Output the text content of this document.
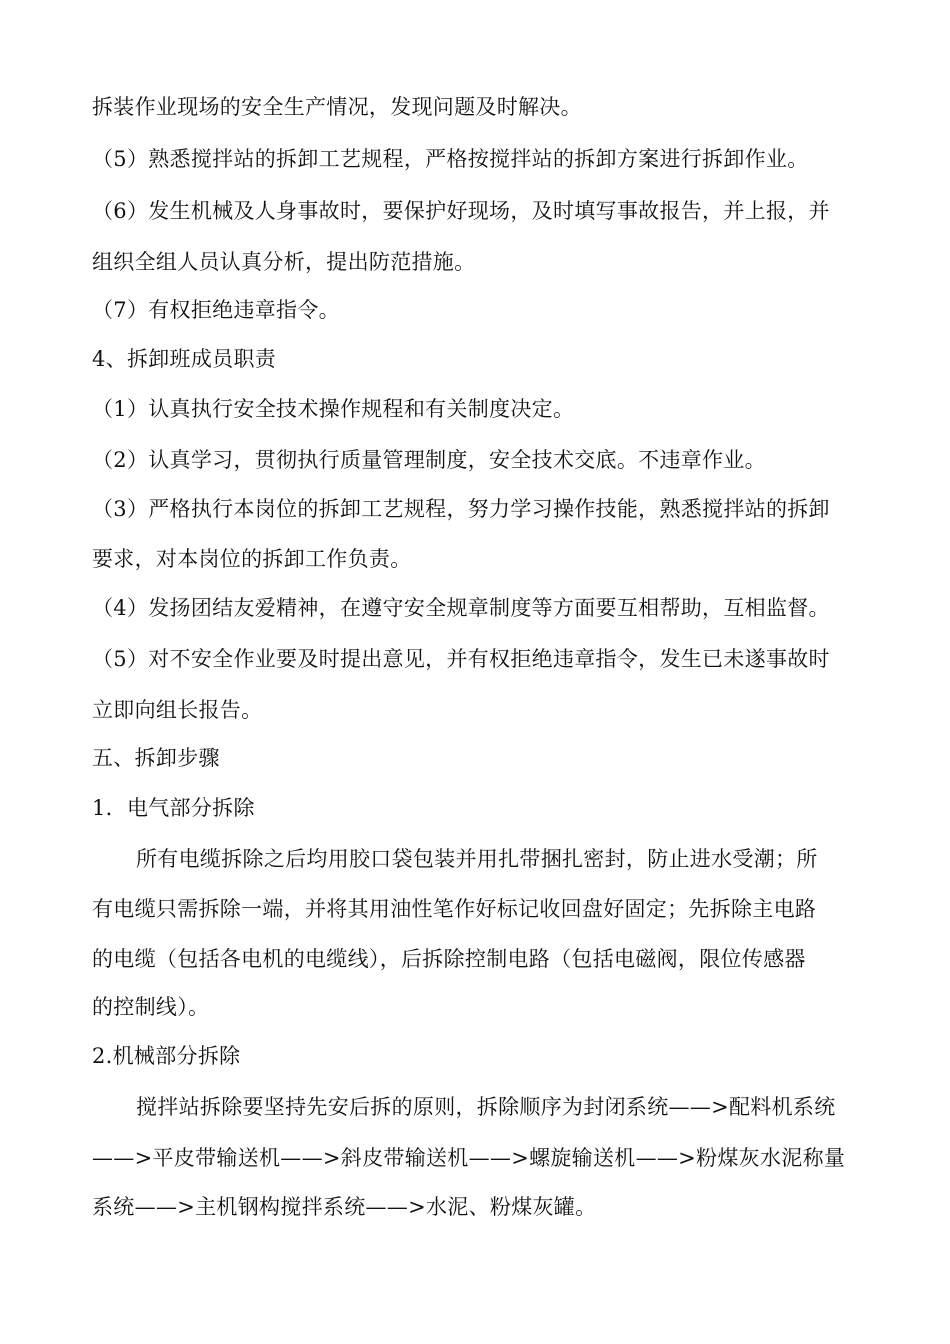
拆装作业现场的安全生产情况，发现问题及时解决。
（5）熟悉搅拌站的拆卸工艺规程，严格按搅拌站的拆卸方案进行拆卸作业。
（6）发生机械及人身事故时，要保护好现场，及时填写事故报告，并上报，并
组织全组人员认真分析，提出防范措施。
（7）有权拒绝违章指令。
4、拆卸班成员职责
（1）认真执行安全技术操作规程和有关制度决定。
（2）认真学习，贯彻执行质量管理制度，安全技术交底。不违章作业。
（3）严格执行本岗位的拆卸工艺规程，努力学习操作技能，熟悉搅拌站的拆卸
要求，对本岗位的拆卸工作负责。
（4）发扬团结友爱精神，在遵守安全规章制度等方面要互相帮助，互相监督。
（5）对不安全作业要及时提出意见，并有权拒绝违章指令，发生已未遂事故时
立即向组长报告。
五、拆卸步骤
1．电气部分拆除
所有电缆拆除之后均用胶口袋包装并用扎带捆扎密封，防止进水受潮；所
有电缆只需拆除一端，并将其用油性笔作好标记收回盘好固定；先拆除主电路
的电缆（包括各电机的电缆线），后拆除控制电路（包括电磁阀，限位传感器
的控制线）。
2.机械部分拆除
搅拌站拆除要坚持先安后拆的原则，拆除顺序为封闭系统——>配料机系统
——>平皮带输送机——>斜皮带输送机——>螺旋输送机——>粉煤灰水泥称量
系统——>主机钢构搅拌系统——>水泥、粉煤灰罐。
